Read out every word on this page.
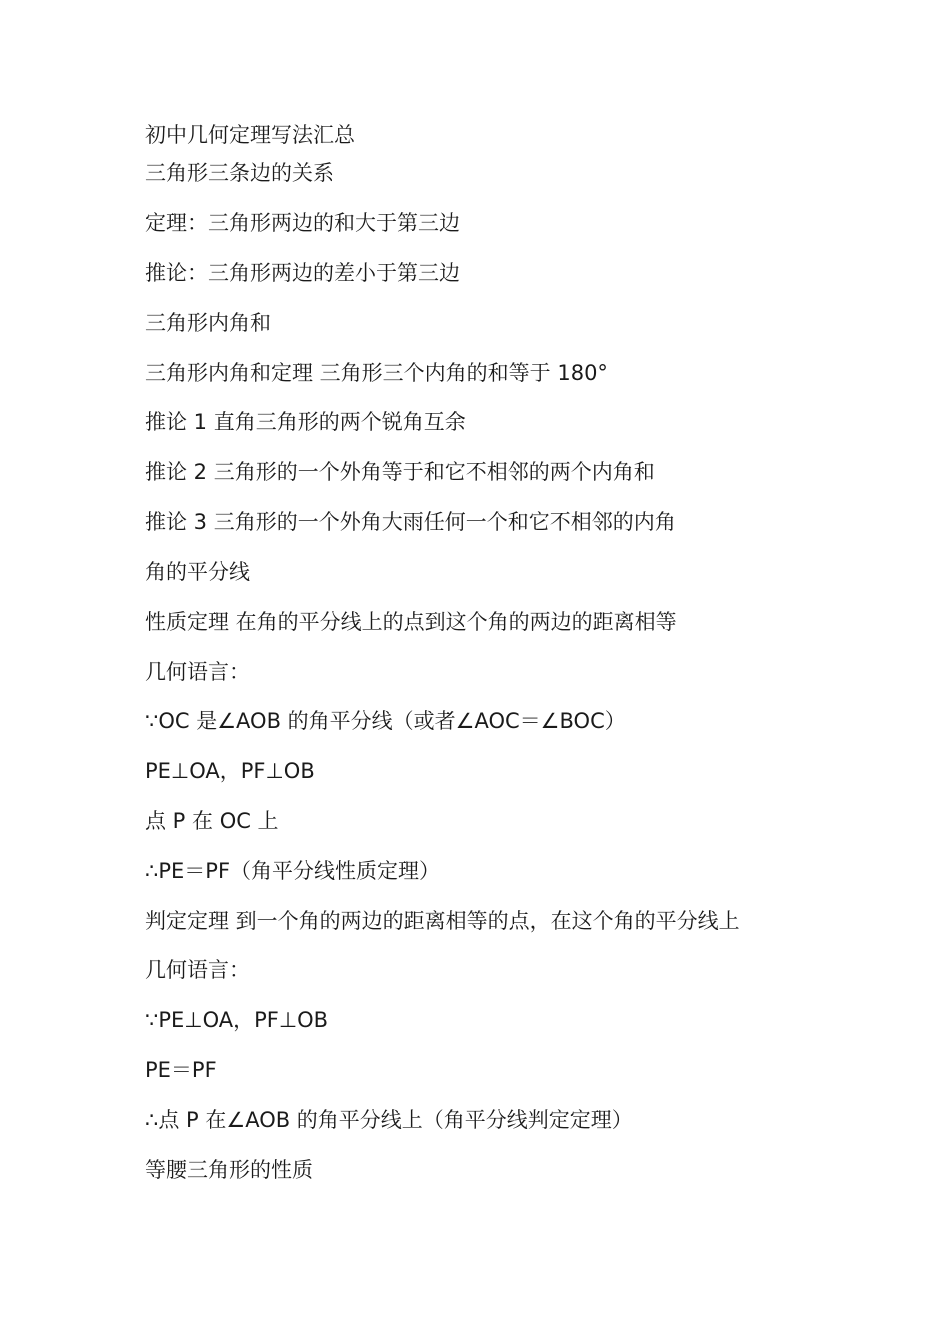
初中几何定理写法汇总
三角形三条边的关系
定理：三角形两边的和大于第三边
推论：三角形两边的差小于第三边
三角形内角和
三角形内角和定理 三角形三个内角的和等于 180°
推论 1 直角三角形的两个锐角互余
推论 2 三角形的一个外角等于和它不相邻的两个内角和
推论 3 三角形的一个外角大雨任何一个和它不相邻的内角
角的平分线
性质定理 在角的平分线上的点到这个角的两边的距离相等
几何语言：
∵OC 是∠AOB 的角平分线（或者∠AOC＝∠BOC）
PE⊥OA，PF⊥OB
点 P 在 OC 上
∴PE＝PF（角平分线性质定理）
判定定理 到一个角的两边的距离相等的点，在这个角的平分线上
几何语言：
∵PE⊥OA，PF⊥OB
PE＝PF
∴点 P 在∠AOB 的角平分线上（角平分线判定定理）
等腰三角形的性质
